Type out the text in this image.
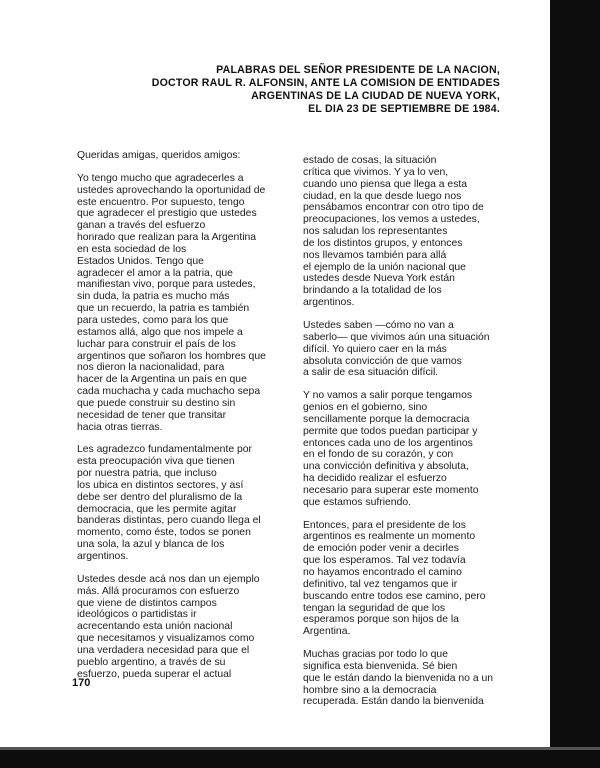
PALABRAS DEL SEÑOR PRESIDENTE DE LA NACION,
DOCTOR RAUL R. ALFONSIN, ANTE LA COMISION DE ENTIDADES
ARGENTINAS DE LA CIUDAD DE NUEVA YORK,
EL DIA 23 DE SEPTIEMBRE DE 1984.

Queridas amigas, queridos amigos:

Yo tengo mucho que agradecerles a
ustedes aprovechando la oportunidad de
este encuentro. Por supuesto, tengo
que agradecer el prestigio que ustedes
ganan a través del esfuerzo
honrado que realizan para la Argentina
en esta sociedad de los
Estados Unidos. Tengo que
agradecer el amor a la patria, que
manifiestan vivo, porque para ustedes,
sin duda, la patria es mucho más
que un recuerdo, la patria es también
para ustedes, como para los que
estamos allá, algo que nos impele a
luchar para construir el país de los
argentinos que soñaron los hombres que
nos dieron la nacionalidad, para
hacer de la Argentina un país en que
cada muchacha y cada muchacho sepa
que puede construir su destino sin
necesidad de tener que transitar
hacia otras tierras.

Les agradezco fundamentalmente por
esta preocupación viva que tienen
por nuestra patria, que incluso
los ubica en distintos sectores, y así
debe ser dentro del pluralismo de la
democracia, que les permite agitar
banderas distintas, pero cuando llega el
momento, como éste, todos se ponen
una sola, la azul y blanca de los
argentinos.

Ustedes desde acá nos dan un ejemplo
más. Allá procuramos con esfuerzo
que viene de distintos campos
ideológicos o partidistas ir
acrecentando esta unión nacional
que necesitamos y visualizamos como
una verdadera necesidad para que el
pueblo argentino, a través de su
esfuerzo, pueda superar el actual

estado de cosas, la situación
crítica que vivimos. Y ya lo ven,
cuando uno piensa que llega a esta
ciudad, en la que desde luego nos
pensábamos encontrar con otro tipo de
preocupaciones, los vemos a ustedes,
nos saludan los representantes
de los distintos grupos, y entonces
nos llevamos también para allá
el ejemplo de la unión nacional que
ustedes desde Nueva York están
brindando a la totalidad de los
argentinos.

Ustedes saben —cómo no van a
saberlo— que vivimos aún una situación
difícil. Yo quiero caer en la más
absoluta convicción de que vamos
a salir de esa situación difícil.

Y no vamos a salir porque tengamos
genios en el gobierno, sino
sencillamente porque la democracia
permite que todos puedan participar y
entonces cada uno de los argentinos
en el fondo de su corazón, y con
una convicción definitiva y absoluta,
ha decidido realizar el esfuerzo
necesario para superar este momento
que estamos sufriendo.

Entonces, para el presidente de los
argentinos es realmente un momento
de emoción poder venir a decirles
que los esperamos. Tal vez todavía
no hayamos encontrado el camino
definitivo, tal vez tengamos que ir
buscando entre todos ese camino, pero
tengan la seguridad de que los
esperamos porque son hijos de la
Argentina.

Muchas gracias por todo lo que
significa esta bienvenida. Sé bien
que le están dando la bienvenida no a un
hombre sino a la democracia
recuperada. Están dando la bienvenida

170
